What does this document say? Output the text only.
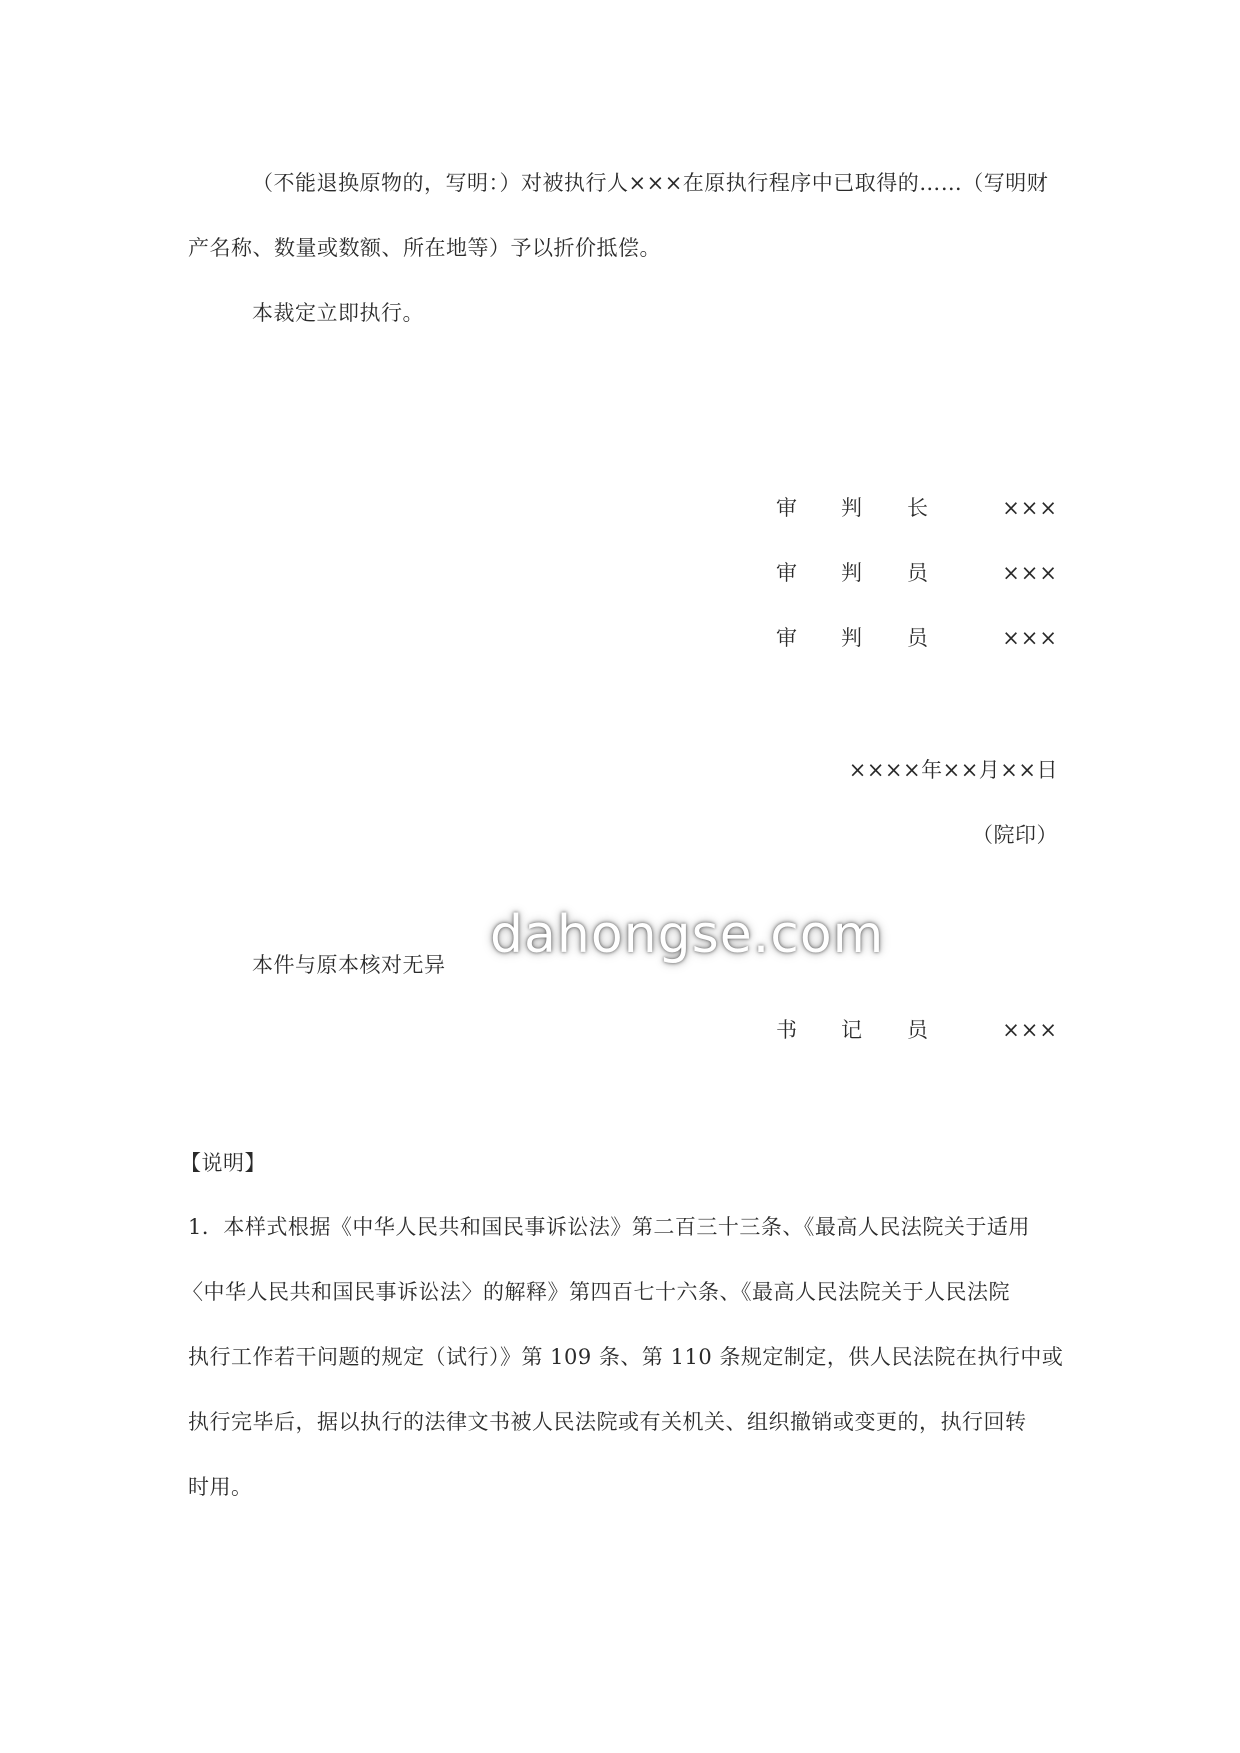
（不能退换原物的，写明：）对被执行人×××在原执行程序中已取得的……（写明财
产名称、数量或数额、所在地等）予以折价抵偿。
本裁定立即执行。
审 判 长	×××
审 判 员	×××
审 判 员	×××
××××年××月××日
（院印）
dahongse.com
本件与原本核对无异
书 记 员	×××
【说明】
1．本样式根据《中华人民共和国民事诉讼法》第二百三十三条、《最高人民法院关于适用
〈中华人民共和国民事诉讼法〉的解释》第四百七十六条、《最高人民法院关于人民法院
执行工作若干问题的规定（试行）》第 109 条、第 110 条规定制定，供人民法院在执行中或
执行完毕后，据以执行的法律文书被人民法院或有关机关、组织撤销或变更的，执行回转
时用。
